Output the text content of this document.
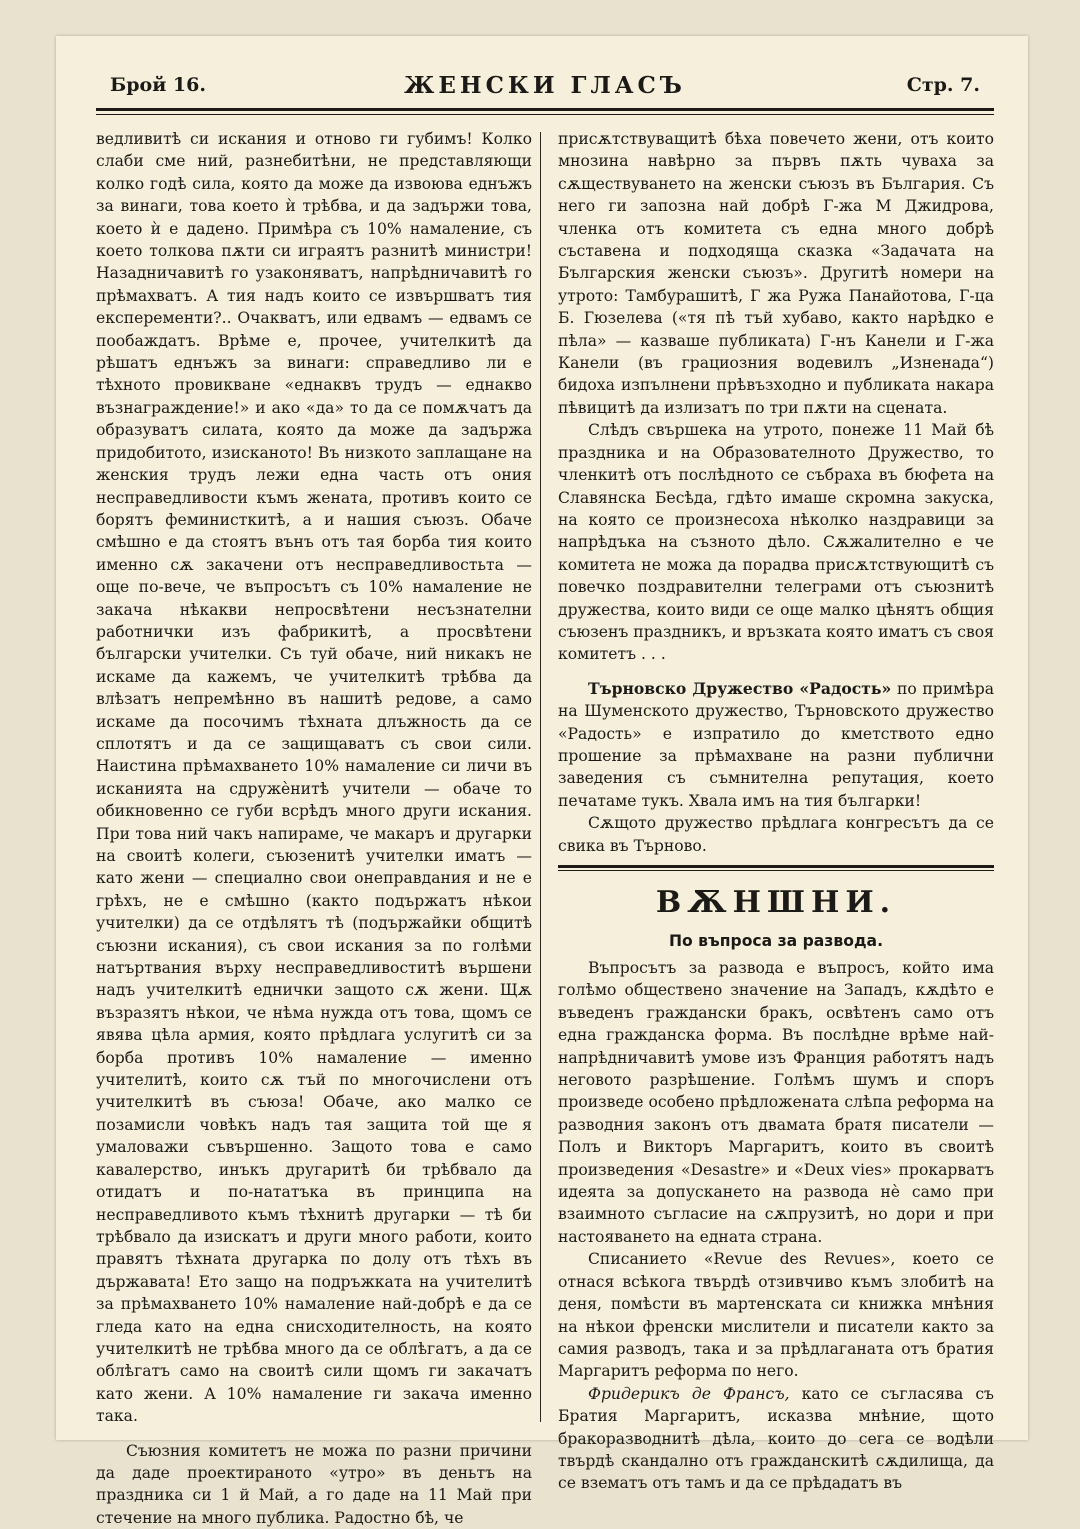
Брой 16.	ЖЕНСКИ ГЛАСЪ	Стр. 7.

ведливитѣ си искания и отново ги губимъ! Колко слаби сме ний, разнебитѣни, не представляющи колко годѣ сила, която да може да извоюва еднъжъ за винаги, това което ѝ трѣбва, и да задържи това, което ѝ е дадено. Примѣра съ 10% намаление, съ което толкова пѫти си играятъ разнитѣ министри! Назадничавитѣ го узаконяватъ, напрѣдничавитѣ го прѣмахватъ. А тия надъ които се извършватъ тия експеременти?.. Очакватъ, или едвамъ — едвамъ се пообаждатъ. Врѣме е, прочее, учителкитѣ да рѣшатъ еднъжъ за винаги: справедливо ли е тѣхното провикване «еднаквъ трудъ — еднакво възнаграждение!» и ако «да» то да се помѫчатъ да образуватъ силата, която да може да задържа придобитото, изисканото! Въ низкото заплащане на женския трудъ лежи една часть отъ ония несправедливости къмъ жената, противъ които се борятъ феминисткитѣ, а и нашия съюзъ. Обаче смѣшно е да стоятъ вънъ отъ тая борба тия които именно сѫ закачени отъ несправедливостьта — още по-вече, че въпросътъ съ 10% намаление не закача нѣкакви непросвѣтени несъзнателни работнички изъ фабрикитѣ, а просвѣтени български учителки. Съ туй обаче, ний никакъ не искаме да кажемъ, че учителкитѣ трѣбва да влѣзатъ непремѣнно въ нашитѣ редове, а само искаме да посочимъ тѣхната длъжность да се сплотятъ и да се защищаватъ съ свои сили. Наистина прѣмахването 10% намаление си личи въ исканията на сдружѐнитѣ учители — обаче то обикновенно се губи всрѣдъ много други искания. При това ний чакъ напираме, че макаръ и другарки на своитѣ колеги, съюзенитѣ учителки иматъ — като жени — специално свои онеправдания и не е грѣхъ, не е смѣшно (както подържатъ нѣкои учителки) да се отдѣлятъ тѣ (подържайки общитѣ съюзни искания), съ свои искания за по голѣми натъртвания върху несправедливоститѣ вършени надъ учителкитѣ еднички защото сѫ жени. Щѫ възразятъ нѣкои, че нѣма нужда отъ това, щомъ се явява цѣла армия, която прѣдлага услугитѣ си за борба противъ 10% намаление — именно учителитѣ, които сѫ тъй по многочислени отъ учителкитѣ въ съюза! Обаче, ако малко се позамисли човѣкъ надъ тая защита той ще я умаловажи съвършенно. Защото това е само кавалерство, инъкъ другаритѣ би трѣбвало да отидатъ и по-нататъка въ принципа на несправедливото къмъ тѣхнитѣ другарки — тѣ би трѣбвало да изискатъ и други много работи, които правятъ тѣхната другарка по долу отъ тѣхъ въ държавата! Ето защо на подръжката на учителитѣ за прѣмахването 10% намаление най-добрѣ е да се гледа като на една снисходителность, на която учителкитѣ не трѣбва много да се облѣгатъ, а да се облѣгатъ само на своитѣ сили щомъ ги закачатъ като жени. А 10% намаление ги закача именно така.

Съюзния комитетъ не можа по разни причини да даде проектираното «утро» въ деньтъ на праздника си 1 й Май, а го даде на 11 Май при стечение на много публика. Радостно бѣ, че

присѫтствуващитѣ бѣха повечето жени, отъ които мнозина навѣрно за първъ пѫть чуваха за сѫществуването на женски съюзъ въ България. Съ него ги запозна най добрѣ Г-жа М Джидрова, членка отъ комитета съ една много добрѣ съставена и подходяща сказка «Задачата на Българския женски съюзъ». Другитѣ номери на утрото: Тамбурашитѣ, Г жа Ружа Панайотова, Г-ца Б. Гюзелева («тя пѣ тъй хубаво, както нарѣдко е пѣла» — казваше публиката) Г-нъ Канели и Г-жа Канели (въ грациозния водевилъ „Изненада“) бидоха изпълнени прѣвъзходно и публиката накара пѣвицитѣ да излизатъ по три пѫти на сцената.

Слѣдъ свършека на утрото, понеже 11 Май бѣ праздника и на Образователното Дружество, то членкитѣ отъ послѣдното се събраха въ бюфета на Славянска Бесѣда, гдѣто имаше скромна закуска, на която се произнесоха нѣколко наздравици за напрѣдъка на съзното дѣло. Сѫжалително е че комитета не можа да порадва присѫтствующитѣ съ повечко поздравителни телеграми отъ съюзнитѣ дружества, които види се още малко цѣнятъ общия съюзенъ праздникъ, и връзката която иматъ съ своя комитетъ . . .

Търновско Дружество «Радость» по примѣра на Шуменското дружество, Търновското дружество «Радость» е изпратило до кметството едно прошение за прѣмахване на разни публични заведения съ съмнителна репутация, което печатаме тукъ. Хвала имъ на тия българки!

Сѫщото дружество прѣдлага конгресътъ да се свика въ Търново.

ВѪНШНИ.
По въпроса за развода.

Въпросътъ за развода е въпросъ, който има голѣмо обществено значение на Западъ, кѫдѣто е въведенъ граждански бракъ, освѣтенъ само отъ една гражданска форма. Въ послѣдне врѣме най-напрѣдничавитѣ умове изъ Франция работятъ надъ неговото разрѣшение. Голѣмъ шумъ и споръ произведе особено прѣдложената слѣпа реформа на разводния законъ отъ двамата братя писатели — Полъ и Викторъ Маргаритъ, които въ своитѣ произведения «Desastre» и «Deux vies» прокарватъ идеята за допускането на развода нѐ само при взаимното съгласие на сѫпрузитѣ, но дори и при настояването на едната страна.

Списанието «Revue des Revues», което се отнася всѣкога твърдѣ отзивчиво къмъ злобитѣ на деня, помѣсти въ мартенската си книжка мнѣния на нѣкои френски мислители и писатели както за самия разводъ, така и за прѣдлаганата отъ братия Маргаритъ реформа по него.

Фридерикъ де Франсъ, като се съгласява съ Братия Маргаритъ, исказва мнѣние, щото бракоразводнитѣ дѣла, които до сега се водѣли твърдѣ скандално отъ гражданскитѣ сѫдилища, да се взематъ отъ тамъ и да се прѣдадатъ въ
